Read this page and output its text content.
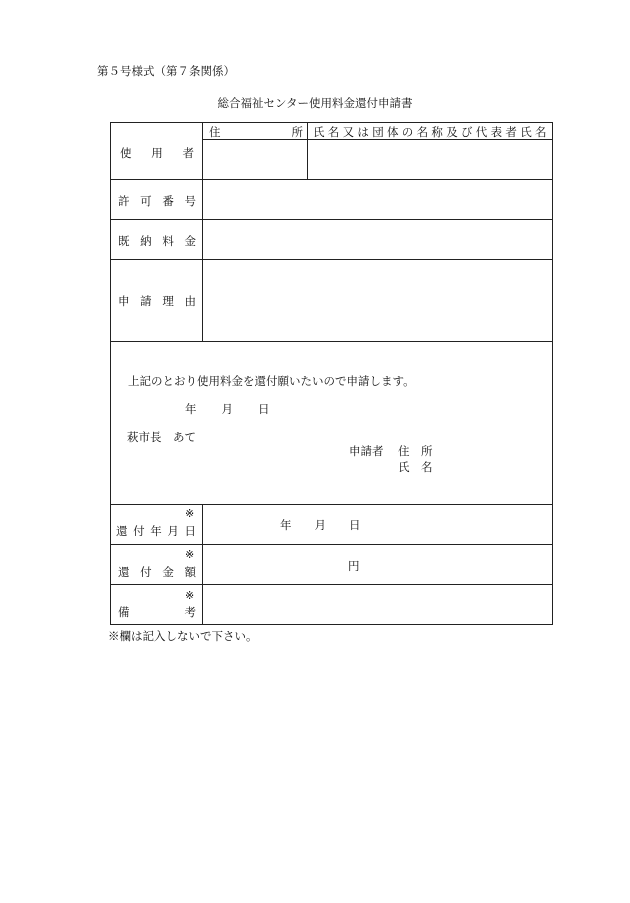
第５号様式（第７条関係）
総合福祉センター使用料金還付申請書
使 用 者
住	所 氏名又は団体の名称及び代表者氏名
許 可 番 号
既 納 料 金
申 請 理 由
上記のとおり使用料金を還付願いたいので申請します。
年 月 日
萩市長　あて
申請者 住　所
氏　名
※
還 付 年 月 日	年 月 日
※
還 付 金 額	円
※
備	考
※欄は記入しないで下さい。
